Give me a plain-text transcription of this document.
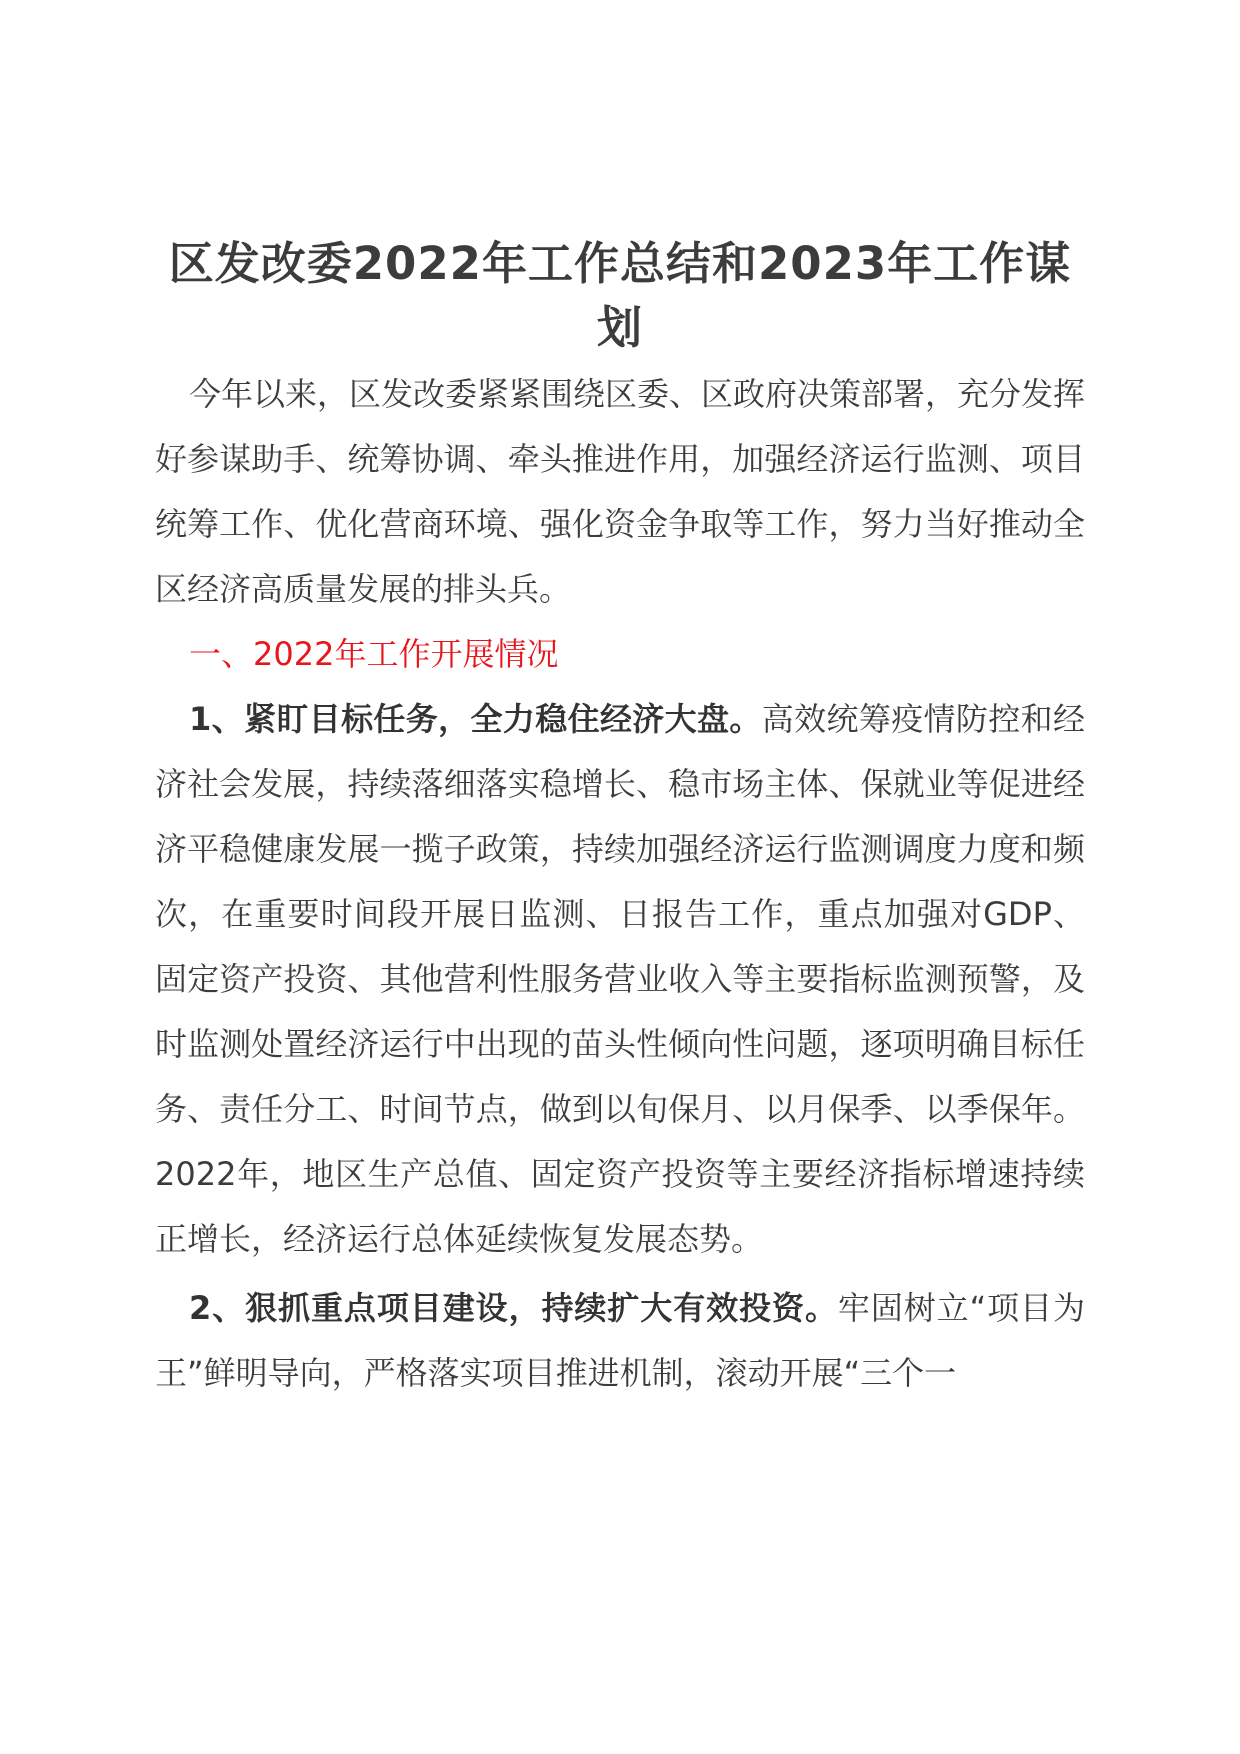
区发改委2022年工作总结和2023年工作谋划

今年以来，区发改委紧紧围绕区委、区政府决策部署，充分发挥好参谋助手、统筹协调、牵头推进作用，加强经济运行监测、项目统筹工作、优化营商环境、强化资金争取等工作，努力当好推动全区经济高质量发展的排头兵。

一、2022年工作开展情况

1、紧盯目标任务，全力稳住经济大盘。高效统筹疫情防控和经济社会发展，持续落细落实稳增长、稳市场主体、保就业等促进经济平稳健康发展一揽子政策，持续加强经济运行监测调度力度和频次，在重要时间段开展日监测、日报告工作，重点加强对GDP、固定资产投资、其他营利性服务营业收入等主要指标监测预警，及时监测处置经济运行中出现的苗头性倾向性问题，逐项明确目标任务、责任分工、时间节点，做到以旬保月、以月保季、以季保年。2022年，地区生产总值、固定资产投资等主要经济指标增速持续正增长，经济运行总体延续恢复发展态势。

2、狠抓重点项目建设，持续扩大有效投资。牢固树立“项目为王”鲜明导向，严格落实项目推进机制，滚动开展“三个一
